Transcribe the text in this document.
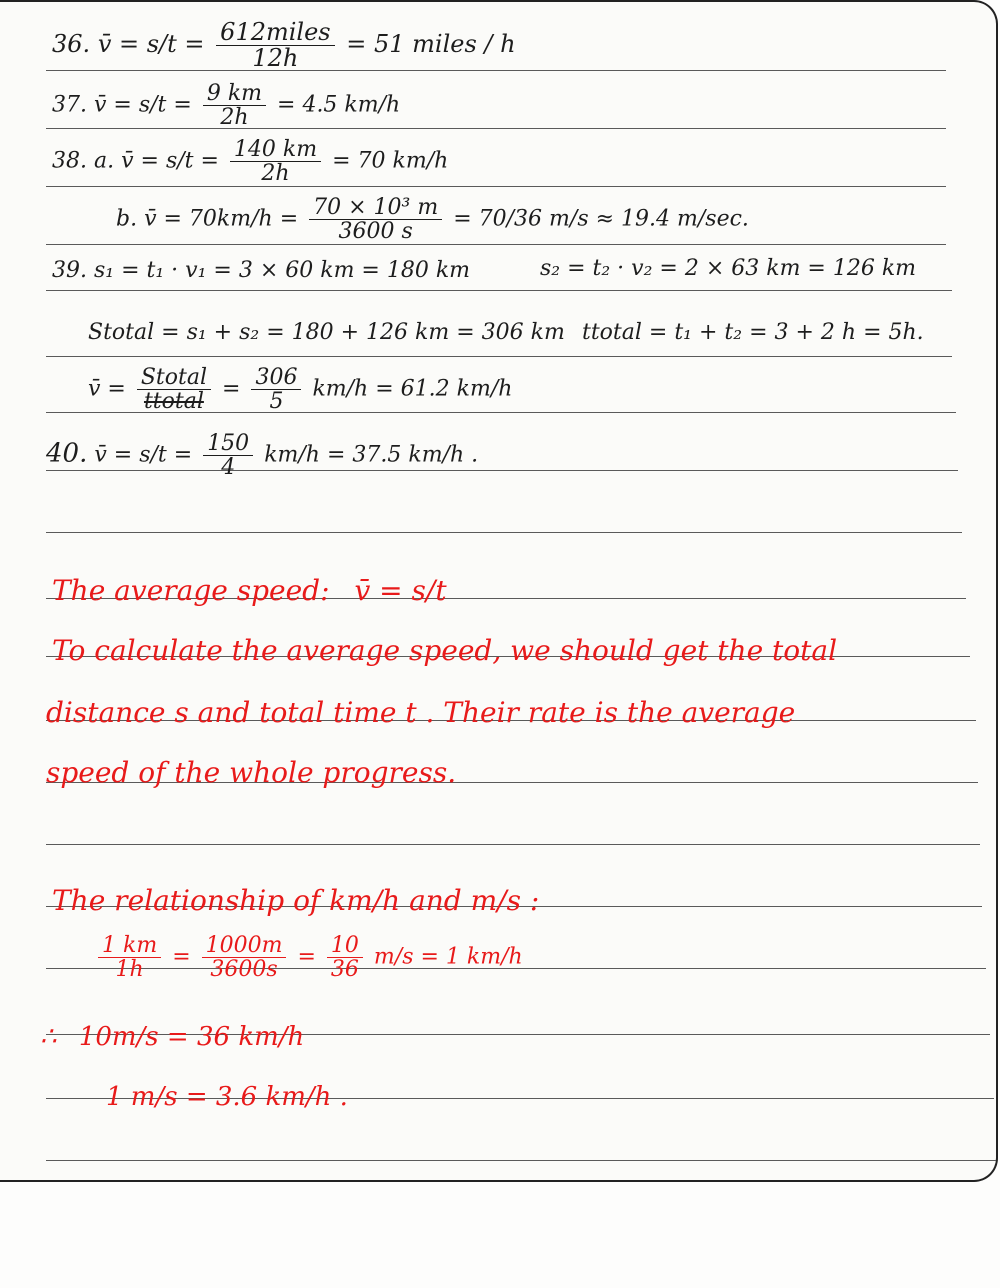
36. v̄ = $s/t = \frac{\text{612miles}}{12h} = 51$ miles / h
37. v̄ = $s/t = \frac{9 km}{2h} = 4.5$ km/h
38. a. v̄ = $s/t = \frac{140 km}{2h} = 70$ km/h
b. v̄ = $70km/h = \frac{\text{70 × 10³ m}}{3600 s} = 70/36$ m/s ≈ 19.4 m/sec.
39. s₁ = t₁ · v₁ = 3 × 60 km = 180 km	s₂ = t₂ · v₂ = 2 × 63 km = 126 km
Stotal = s₁ + s₂ = 180 + 126 km = 306 km ttotal = t₁ + t₂ = 3 + 2 h = 5h.
v̄ = $\frac{\text{Stotal}}{\text{ttotal}} = \frac{306}{5} km/h = 61.2$ km/h
40. v̄ = $s/t = \frac{150}{4} km/h = 37.5$ km/h .
The average speed: v̄ = s/t
To calculate the average speed, we should get the total
distance s and total time t . Their rate is the average
speed of the whole progress.
The relationship of km/h and m/s :
$\frac{1 km}{1h} = \frac{1000m}{3600s} = \frac{10}{36} m/s = 1$ km/h
∴ 10m/s = 36 km/h
1 m/s = 3.6 km/h .
